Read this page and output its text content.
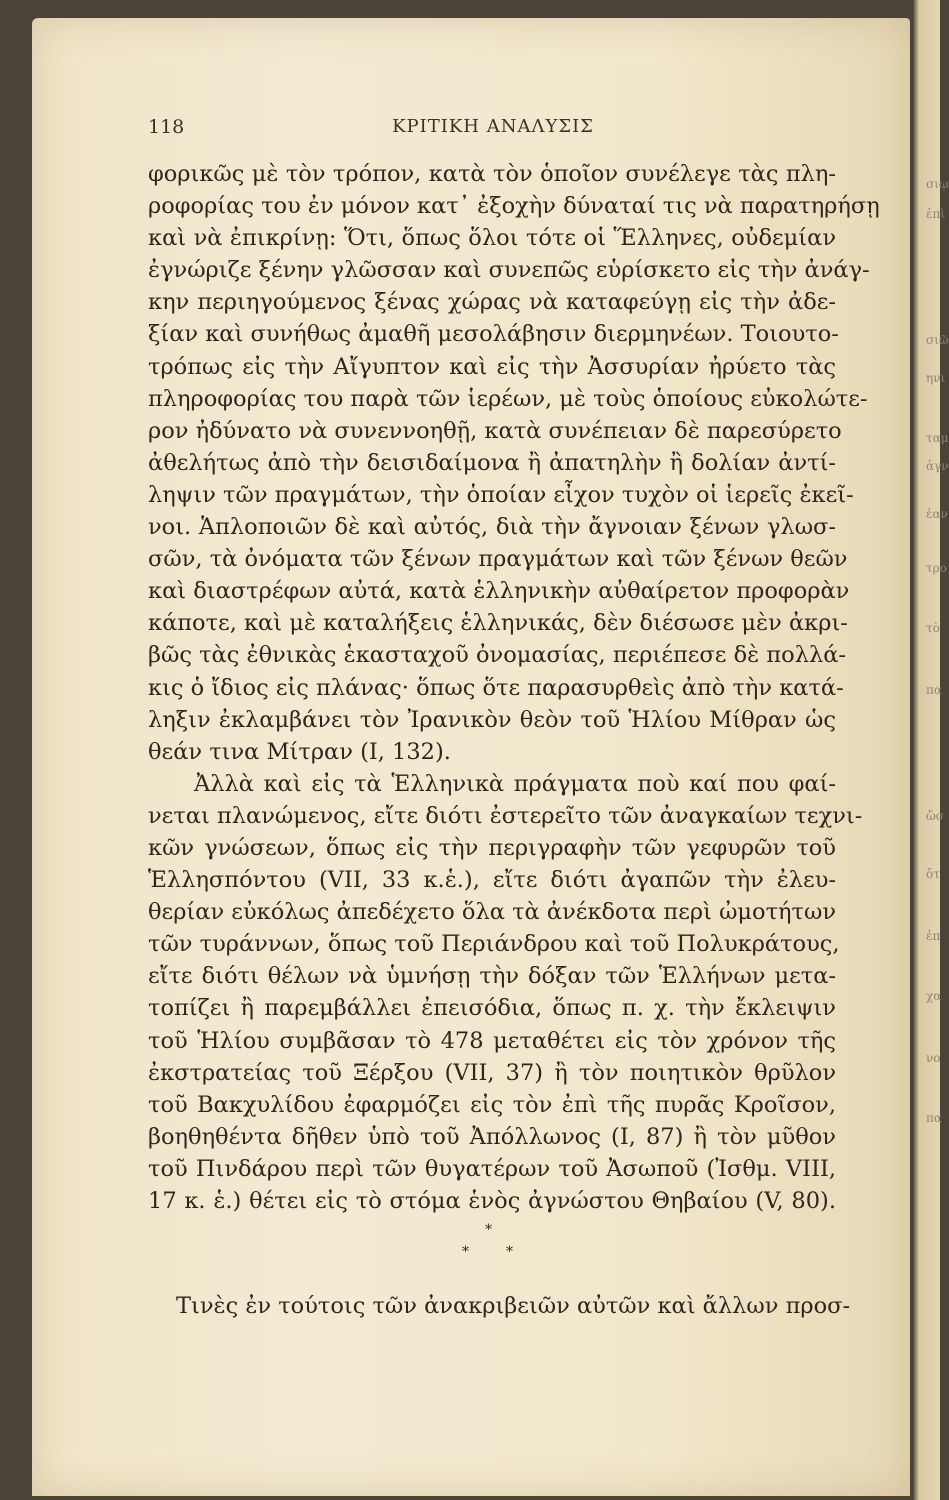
σιῳ
ἐπὶ
σιῶ
ηνι
ταμ
ἀγν
ἐαν
τρο
τὸ
πα
ὥσ
ὅτ
ἐπ
χα
νο
πα
118	ΚΡΙΤΙΚΗ ΑΝΑΛΥΣΙΣ
φορικῶς μὲ τὸν τρόπον, κατὰ τὸν ὁποῖον συνέλεγε τὰς πλη-
ροφορίας του ἐν μόνον κατ᾿ ἐξοχὴν δύναταί τις νὰ παρατηρήσῃ
καὶ νὰ ἐπικρίνῃ: Ὅτι, ὅπως ὅλοι τότε οἱ Ἕλληνες, οὐδεμίαν
ἐγνώριζε ξένην γλῶσσαν καὶ συνεπῶς εὑρίσκετο εἰς τὴν ἀνάγ-
κην περιηγούμενος ξένας χώρας νὰ καταφεύγῃ εἰς τὴν ἀδε-
ξίαν καὶ συνήθως ἀμαθῆ μεσολάβησιν διερμηνέων. Τοιουτο-
τρόπως εἰς τὴν Αἴγυπτον καὶ εἰς τὴν Ἀσσυρίαν ἠρύετο τὰς
πληροφορίας του παρὰ τῶν ἱερέων, μὲ τοὺς ὁποίους εὐκολώτε-
ρον ἠδύνατο νὰ συνεννοηθῇ, κατὰ συνέπειαν δὲ παρεσύρετο
ἀθελήτως ἀπὸ τὴν δεισιδαίμονα ἢ ἀπατηλὴν ἢ δολίαν ἀντί-
ληψιν τῶν πραγμάτων, τὴν ὁποίαν εἶχον τυχὸν οἱ ἱερεῖς ἐκεῖ-
νοι. Ἁπλοποιῶν δὲ καὶ αὐτός, διὰ τὴν ἄγνοιαν ξένων γλωσ-
σῶν, τὰ ὀνόματα τῶν ξένων πραγμάτων καὶ τῶν ξένων θεῶν
καὶ διαστρέφων αὐτά, κατὰ ἑλληνικὴν αὐθαίρετον προφορὰν
κάποτε, καὶ μὲ καταλήξεις ἑλληνικάς, δὲν διέσωσε μὲν ἀκρι-
βῶς τὰς ἐθνικὰς ἑκασταχοῦ ὀνομασίας, περιέπεσε δὲ πολλά-
κις ὁ ἴδιος εἰς πλάνας· ὅπως ὅτε παρασυρθεὶς ἀπὸ τὴν κατά-
ληξιν ἐκλαμβάνει τὸν Ἰρανικὸν θεὸν τοῦ Ἡλίου Μίθραν ὡς
θεάν τινα Μίτραν (I, 132).
Ἀλλὰ καὶ εἰς τὰ Ἑλληνικὰ πράγματα ποὺ καί που φαί-
νεται πλανώμενος, εἴτε διότι ἐστερεῖτο τῶν ἀναγκαίων τεχνι-
κῶν γνώσεων, ὅπως εἰς τὴν περιγραφὴν τῶν γεφυρῶν τοῦ
Ἑλλησπόντου (VII, 33 κ.ἑ.), εἴτε διότι ἀγαπῶν τὴν ἐλευ-
θερίαν εὐκόλως ἀπεδέχετο ὅλα τὰ ἀνέκδοτα περὶ ὠμοτήτων
τῶν τυράννων, ὅπως τοῦ Περιάνδρου καὶ τοῦ Πολυκράτους,
εἴτε διότι θέλων νὰ ὑμνήσῃ τὴν δόξαν τῶν Ἑλλήνων μετα-
τοπίζει ἢ παρεμβάλλει ἐπεισόδια, ὅπως π. χ. τὴν ἔκλειψιν
τοῦ Ἡλίου συμβᾶσαν τὸ 478 μεταθέτει εἰς τὸν χρόνον τῆς
ἐκστρατείας τοῦ Ξέρξου (VII, 37) ἢ τὸν ποιητικὸν θρῦλον
τοῦ Βακχυλίδου ἐφαρμόζει εἰς τὸν ἐπὶ τῆς πυρᾶς Κροῖσον,
βοηθηθέντα δῆθεν ὑπὸ τοῦ Ἀπόλλωνος (I, 87) ἢ τὸν μῦθον
τοῦ Πινδάρου περὶ τῶν θυγατέρων τοῦ Ἀσωποῦ (Ἰσθμ. VIII,
17 κ. ἑ.) θέτει εἰς τὸ στόμα ἑνὸς ἀγνώστου Θηβαίου (V, 80).
*
*	*
Τινὲς ἐν τούτοις τῶν ἀνακριβειῶν αὐτῶν καὶ ἄλλων προσ-
